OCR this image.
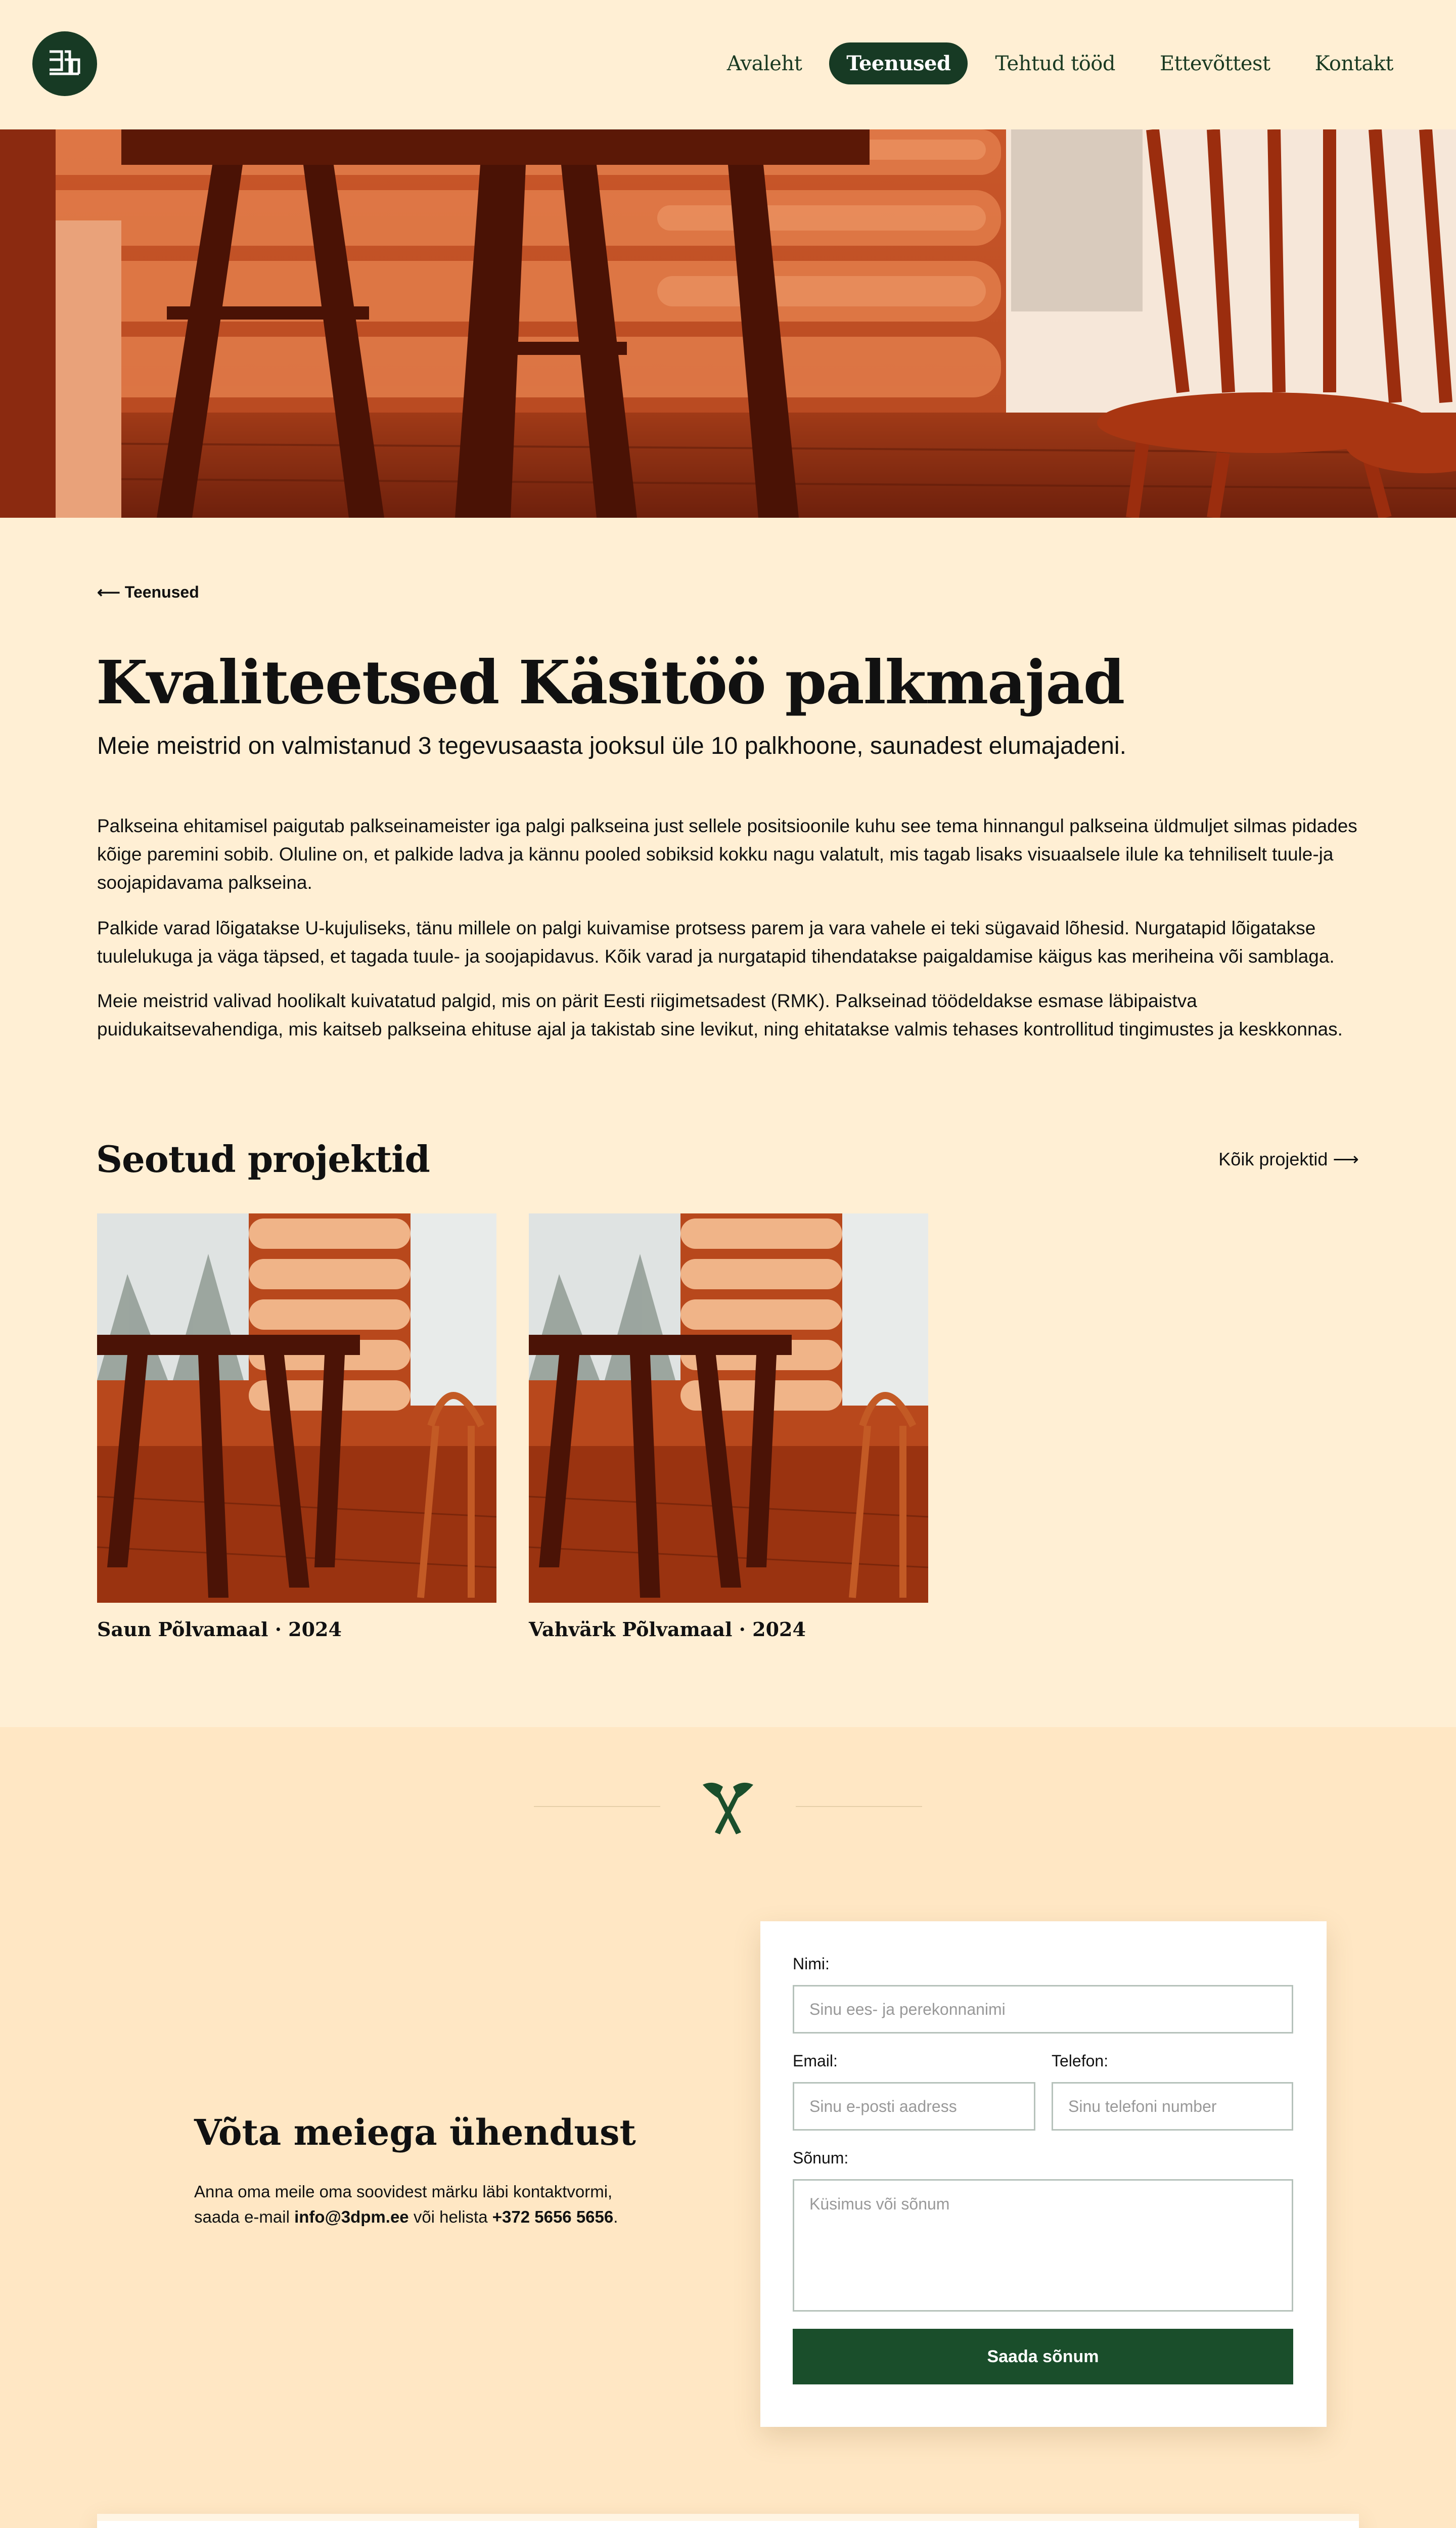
Avaleht	Teenused	Tehtud tööd	Ettevõttest	Kontakt
⟵ Teenused
Kvaliteetsed Käsitöö palkmajad

Meie meistrid on valmistanud 3 tegevusaasta jooksul üle 10 palkhoone, saunadest elumajadeni.

Palkseina ehitamisel paigutab palkseinameister iga palgi palkseina just sellele positsioonile kuhu see tema hinnangul palkseina üldmuljet silmas pidades kõige paremini sobib. Oluline on, et palkide ladva ja kännu pooled sobiksid kokku nagu valatult, mis tagab lisaks visuaalsele ilule ka tehniliselt tuule-ja soojapidavama palkseina.

Palkide varad lõigatakse U-kujuliseks, tänu millele on palgi kuivamise protsess parem ja vara vahele ei teki sügavaid lõhesid. Nurgatapid lõigatakse tuulelukuga ja väga täpsed, et tagada tuule- ja soojapidavus. Kõik varad ja nurgatapid tihendatakse paigaldamise käigus kas meriheina või samblaga.

Meie meistrid valivad hoolikalt kuivatatud palgid, mis on pärit Eesti riigimetsadest (RMK). Palkseinad töödeldakse esmase läbipaistva puidukaitsevahendiga, mis kaitseb palkseina ehituse ajal ja takistab sine levikut, ning ehitatakse valmis tehases kontrollitud tingimustes ja keskkonnas.

Seotud projektid	Kõik projektid ⟶
Saun Põlvamaal · 2024	Vahvärk Põlvamaal · 2024
Võta meiega ühendust

Anna oma meile oma soovidest märku läbi kontaktvormi, saada e-mail info@3dpm.ee või helista +372 5656 5656.

Nimi:
Sinu ees- ja perekonnanimi
Email:
Sinu e-posti aadress
Telefon:
Sinu telefoni number
Sõnum:
Küsimus või sõnum
Saada sõnum
